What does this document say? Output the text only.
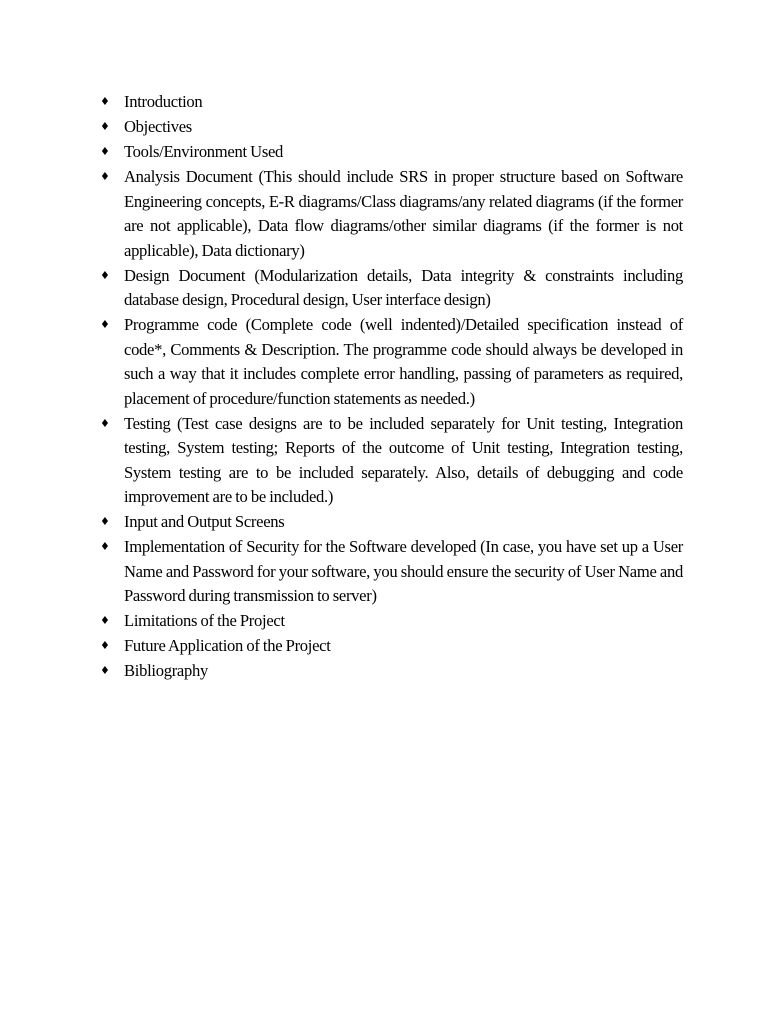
♦ Introduction
♦ Objectives
♦ Tools/Environment Used
♦ Analysis Document (This should include SRS in proper structure based on Software Engineering concepts, E-R diagrams/Class diagrams/any related diagrams (if the former are not applicable), Data flow diagrams/other similar diagrams (if the former is not applicable), Data dictionary)
♦ Design Document (Modularization details, Data integrity & constraints including database design, Procedural design, User interface design)
♦ Programme code (Complete code (well indented)/Detailed specification instead of code*, Comments & Description. The programme code should always be developed in such a way that it includes complete error handling, passing of parameters as required, placement of procedure/function statements as needed.)
♦ Testing (Test case designs are to be included separately for Unit testing, Integration testing, System testing; Reports of the outcome of Unit testing, Integration testing, System testing are to be included separately. Also, details of debugging and code improvement are to be included.)
♦ Input and Output Screens
♦ Implementation of Security for the Software developed (In case, you have set up a User Name and Password for your software, you should ensure the security of User Name and Password during transmission to server)
♦ Limitations of the Project
♦ Future Application of the Project
♦ Bibliography
